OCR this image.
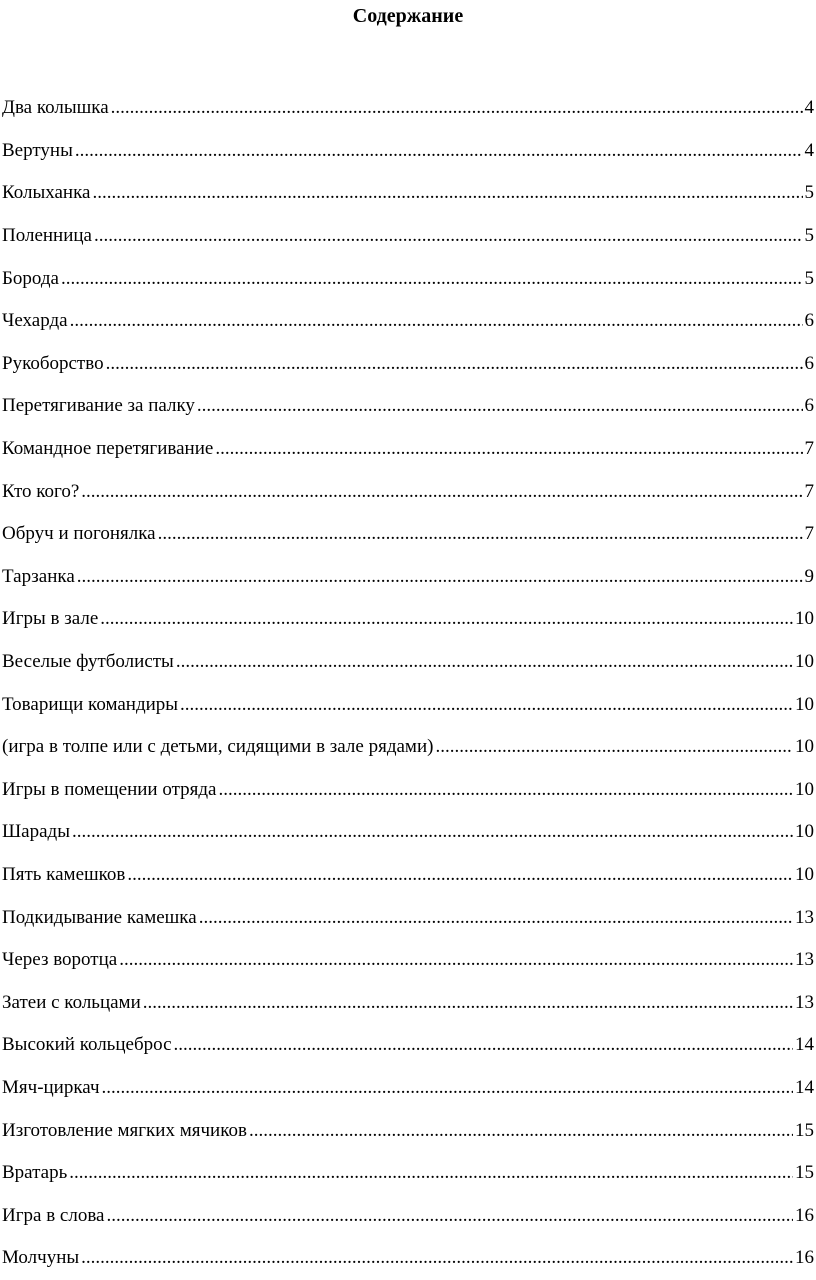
Содержание
Два колышка .....	4
Вертуны .....	4
Колыханка .....	5
Поленница .....	5
Борода .....	5
Чехарда .....	6
Рукоборство .....	6
Перетягивание за палку .....	6
Командное перетягивание .....	7
Кто кого? .....	7
Обруч и погонялка .....	7
Тарзанка .....	9
Игры в зале .....	10
Веселые футболисты .....	10
Товарищи командиры .....	10
(игра в толпе или с детьми, сидящими в зале рядами) .....	10
Игры в помещении отряда .....	10
Шарады .....	10
Пять камешков .....	10
Подкидывание камешка .....	13
Через воротца .....	13
Затеи с кольцами .....	13
Высокий кольцеброс .....	14
Мяч-циркач .....	14
Изготовление мягких мячиков .....	15
Вратарь .....	15
Игра в слова .....	16
Молчуны .....	16
